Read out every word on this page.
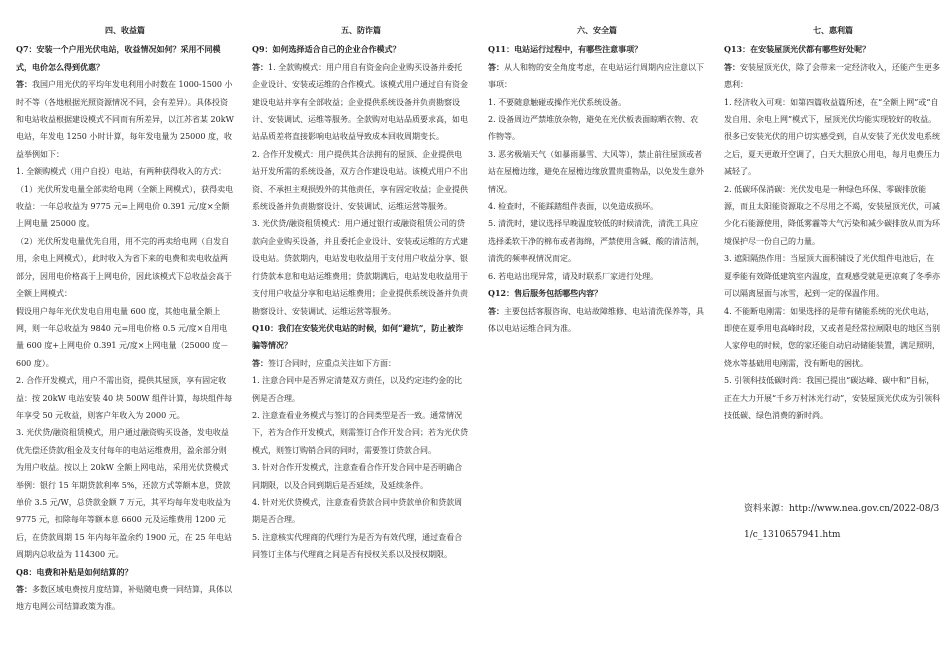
四、收益篇

Q7：安装一个户用光伏电站，收益情况如何？采用不同模式，电价怎么得到优惠？

答：我国户用光伏的平均年发电利用小时数在 1000-1500 小时不等（各地根据光照资源情况不同，会有差异）。具体投资和电站收益根据建设模式不同而有所差异，以江苏省某 20kW 电站，年发电 1250 小时计算，每年发电量为 25000 度，收益举例如下：

1. 全额购模式（用户自投）电站，有两种获得收入的方式：

（1）光伏所发电量全部卖给电网（全额上网模式），获得卖电收益：一年总收益为 9775 元=上网电价 0.391 元/度×全额上网电量 25000 度。

（2）光伏所发电量优先自用，用不完的再卖给电网（自发自用，余电上网模式），此时收入为省下来的电费和卖电收益两部分，因用电价格高于上网电价，因此该模式下总收益会高于全额上网模式：

假设用户每年光伏发电自用电量 600 度，其他电量全额上网，则一年总收益为 9840 元=用电价格 0.5 元/度×自用电量 600 度+上网电价 0.391 元/度×上网电量（25000 度－600 度）。

2. 合作开发模式，用户不需出资，提供其屋顶，享有固定收益：按 20kW 电站安装 40 块 500W 组件计算，每块组件每年享受 50 元收益，则客户年收入为 2000 元。

3. 光伏贷/融资租赁模式，用户通过融资购买设备，发电收益优先偿还贷款/租金及支付每年的电站运维费用，盈余部分则为用户收益。按以上 20kW 全额上网电站，采用光伏贷模式举例：银行 15 年期贷款利率 5%，还款方式等额本息，贷款单价 3.5 元/W，总贷款金额 7 万元，其平均每年发电收益为 9775 元，扣除每年等额本息 6600 元及运维费用 1200 元后，在贷款周期 15 年内每年盈余约 1900 元，在 25 年电站周期内总收益为 114300 元。

Q8：电费和补贴是如何结算的？

答：多数区域电费按月度结算，补贴随电费一同结算，具体以地方电网公司结算政策为准。

五、防诈篇

Q9：如何选择适合自己的企业合作模式？

答：1. 全款购模式：用户用自有资金向企业购买设备并委托企业设计、安装或运维的合作模式。该模式用户通过自有资金建设电站并享有全部收益；企业提供系统设备并负责勘察设计、安装调试、运维等服务。全款购对电站品质要求高，如电站品质差将直接影响电站收益导致成本回收周期变长。

2. 合作开发模式：用户提供其合法拥有的屋顶、企业提供电站开发所需的系统设备，双方合作建设电站。该模式用户不出资、不承担主观损毁外的其他责任，享有固定收益；企业提供系统设备并负责勘察设计、安装调试、运维运营等服务。

3. 光伏贷/融资租赁模式：用户通过银行或融资租赁公司的贷款向企业购买设备，并且委托企业设计、安装或运维的方式建设电站。贷款期内，电站发电收益用于支付用户收益分享、银行贷款本息和电站运维费用；贷款期满后，电站发电收益用于支付用户收益分享和电站运维费用；企业提供系统设备并负责勘察设计、安装调试、运维运营等服务。

Q10：我们在安装光伏电站的时候，如何“避坑”，防止被诈骗等情况？

答：签订合同时，应重点关注如下方面：

1. 注意合同中是否界定清楚双方责任，以及约定违约金的比例是否合理。

2. 注意查看业务模式与签订的合同类型是否一致。通常情况下，若为合作开发模式，则需签订合作开发合同；若为光伏贷模式，则签订购销合同的同时，需要签订贷款合同。

3. 针对合作开发模式，注意查看合作开发合同中是否明确合同期限，以及合同到期后是否延续，及延续条件。

4. 针对光伏贷模式，注意查看贷款合同中贷款单价和贷款周期是否合理。

5. 注意核实代理商的代理行为是否为有效代理，通过查看合同签订主体与代理商之间是否有授权关系以及授权期限。

六、安全篇

Q11：电站运行过程中，有哪些注意事项？

答：从人和物的安全角度考虑，在电站运行周期内应注意以下事项：

1. 不要随意触碰或操作光伏系统设备。

2. 设备周边严禁堆放杂物，避免在光伏板表面晾晒衣物、农作物等。

3. 恶劣极端天气（如暴雨暴雪、大风等），禁止前往屋顶或者站在屋檐边缘，避免在屋檐边缘放置贵重物品，以免发生意外情况。

4. 检查时，不能踩踏组件表面，以免造成损坏。

5. 清洗时，建议选择早晚温度较低的时候清洗，清洗工具应选择柔软干净的棉布或者海绵，严禁使用含碱、酸的清洁剂，清洗的频率视情况而定。

6. 若电站出现异常，请及时联系厂家进行处理。

Q12：售后服务包括哪些内容？

答：主要包括客服咨询、电站故障维修、电站清洗保养等，具体以电站运维合同为准。

七、惠利篇

Q13：在安装屋顶光伏都有哪些好处呢？

答：安装屋顶光伏，除了会带来一定经济收入，还能产生更多惠利：

1. 经济收入可观：如第四篇收益篇所述，在“全额上网”或“自发自用、余电上网”模式下，屋顶光伏均能实现较好的收益。很多已安装光伏的用户切实感受到，自从安装了光伏发电系统之后，夏天更敢开空调了，白天大胆放心用电，每月电费压力减轻了。

2. 低碳环保消碳：光伏发电是一种绿色环保、零碳排放能源，而且太阳能资源取之不尽用之不竭，安装屋顶光伏，可减少化石能源使用，降低雾霾等大气污染和减少碳排放从而为环境保护尽一份自己的力量。

3. 遮阳隔热作用：当屋顶大面积铺设了光伏组件电池后，在夏季能有效降低建筑室内温度，直观感受就是更凉爽了冬季亦可以隔离屋面与冰雪，起到一定的保温作用。

4. 不能断电刚需：如果选择的是带有储能系统的光伏电站，即使在夏季用电高峰时段，又或者是经常拉闸限电的地区当别人家停电的时候，您的家还能自动启动储能装置，满足照明，烧水等基础用电刚需，没有断电的困扰。

5. 引领科技低碳时尚：我国已提出“碳达峰、碳中和”目标，正在大力开展“千乡万村沐光行动”，安装屋顶光伏成为引领科技低碳、绿色消费的新时尚。

资料来源：http://www.nea.gov.cn/2022-08/31/c_1310657941.htm
